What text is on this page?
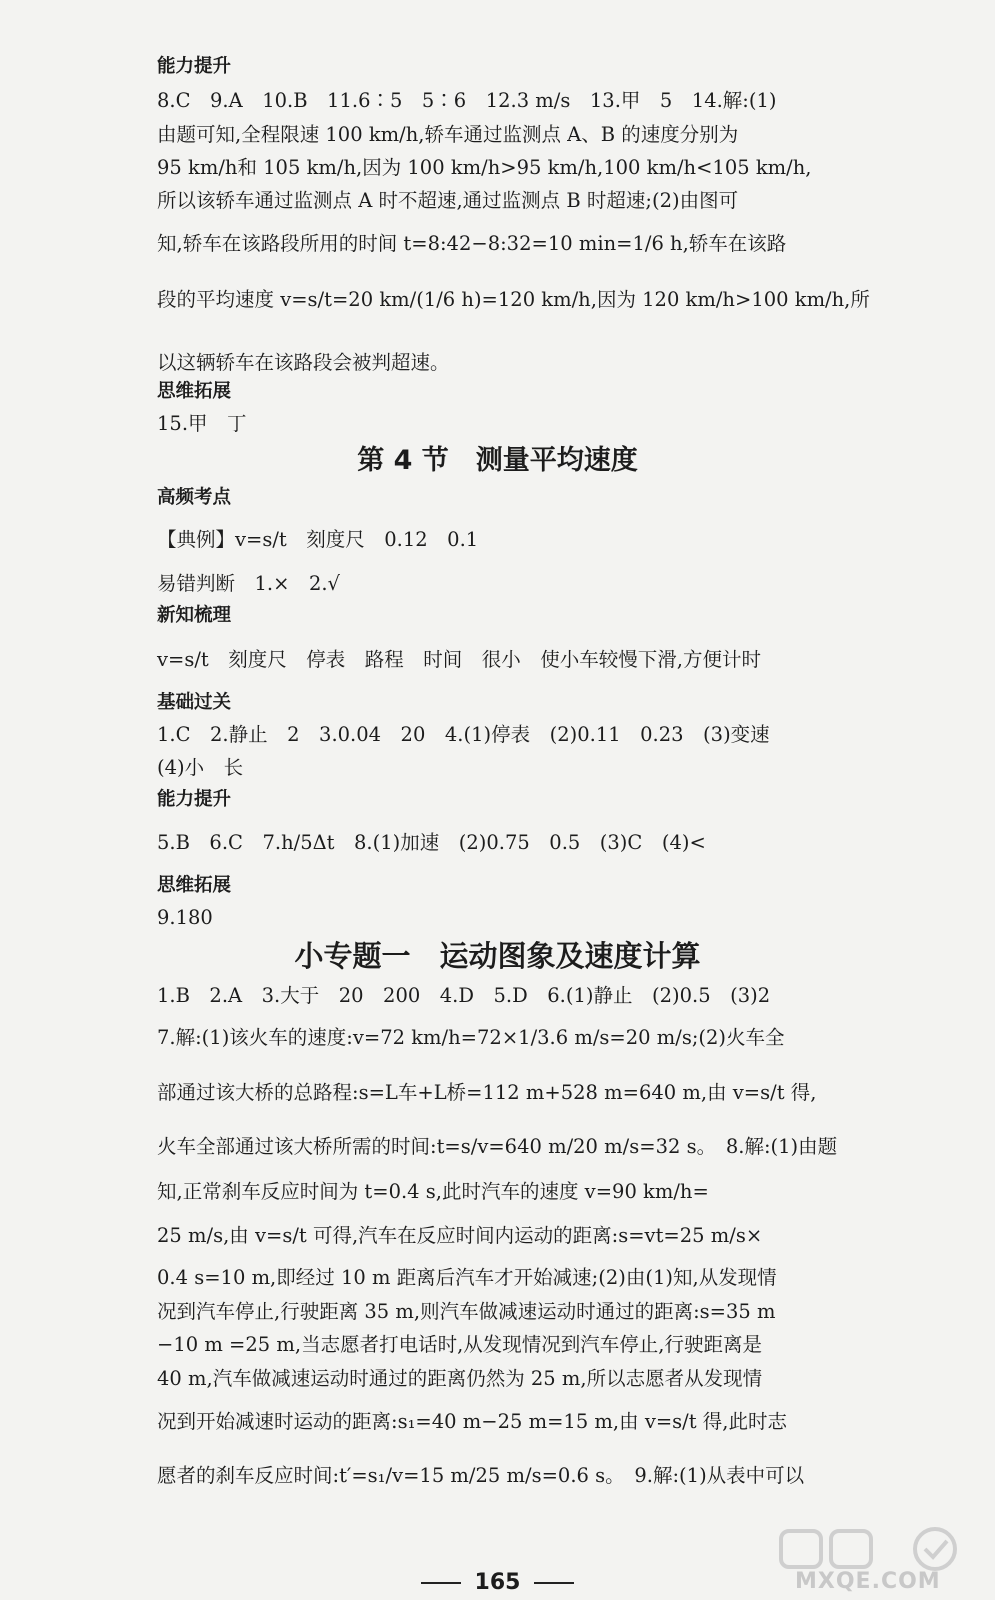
能力提升
8.C　9.A　10.B　11.6∶5　5∶6　12.3 m/s　13.甲　5　14.解:(1)
由题可知,全程限速 100 km/h,轿车通过监测点 A、B 的速度分别为
95 km/h和 105 km/h,因为 100 km/h>95 km/h,100 km/h<105 km/h,
所以该轿车通过监测点 A 时不超速,通过监测点 B 时超速;(2)由图可
知,轿车在该路段所用的时间 t=8:42−8:32=10 min=1/6 h,轿车在该路
段的平均速度 v=s/t=20 km/(1/6 h)=120 km/h,因为 120 km/h>100 km/h,所
以这辆轿车在该路段会被判超速。
思维拓展
15.甲　丁
第 4 节　测量平均速度
高频考点
【典例】v=s/t　刻度尺　0.12　0.1
易错判断　1.×　2.√
新知梳理
v=s/t　刻度尺　停表　路程　时间　很小　使小车较慢下滑,方便计时
基础过关
1.C　2.静止　2　3.0.04　20　4.(1)停表　(2)0.11　0.23　(3)变速
(4)小　长
能力提升
5.B　6.C　7.h/5Δt　8.(1)加速　(2)0.75　0.5　(3)C　(4)<
思维拓展
9.180
小专题一　运动图象及速度计算
1.B　2.A　3.大于　20　200　4.D　5.D　6.(1)静止　(2)0.5　(3)2
7.解:(1)该火车的速度:v=72 km/h=72×1/3.6 m/s=20 m/s;(2)火车全
部通过该大桥的总路程:s=L车+L桥=112 m+528 m=640 m,由 v=s/t 得,
火车全部通过该大桥所需的时间:t=s/v=640 m/20 m/s=32 s。　8.解:(1)由题
知,正常刹车反应时间为 t=0.4 s,此时汽车的速度 v=90 km/h=
25 m/s,由 v=s/t 可得,汽车在反应时间内运动的距离:s=vt=25 m/s×
0.4 s=10 m,即经过 10 m 距离后汽车才开始减速;(2)由(1)知,从发现情
况到汽车停止,行驶距离 35 m,则汽车做减速运动时通过的距离:s=35 m
−10 m =25 m,当志愿者打电话时,从发现情况到汽车停止,行驶距离是
40 m,汽车做减速运动时通过的距离仍然为 25 m,所以志愿者从发现情
况到开始减速时运动的距离:s₁=40 m−25 m=15 m,由 v=s/t 得,此时志
愿者的刹车反应时间:t′=s₁/v=15 m/25 m/s=0.6 s。　9.解:(1)从表中可以
165	MXQE.COM
